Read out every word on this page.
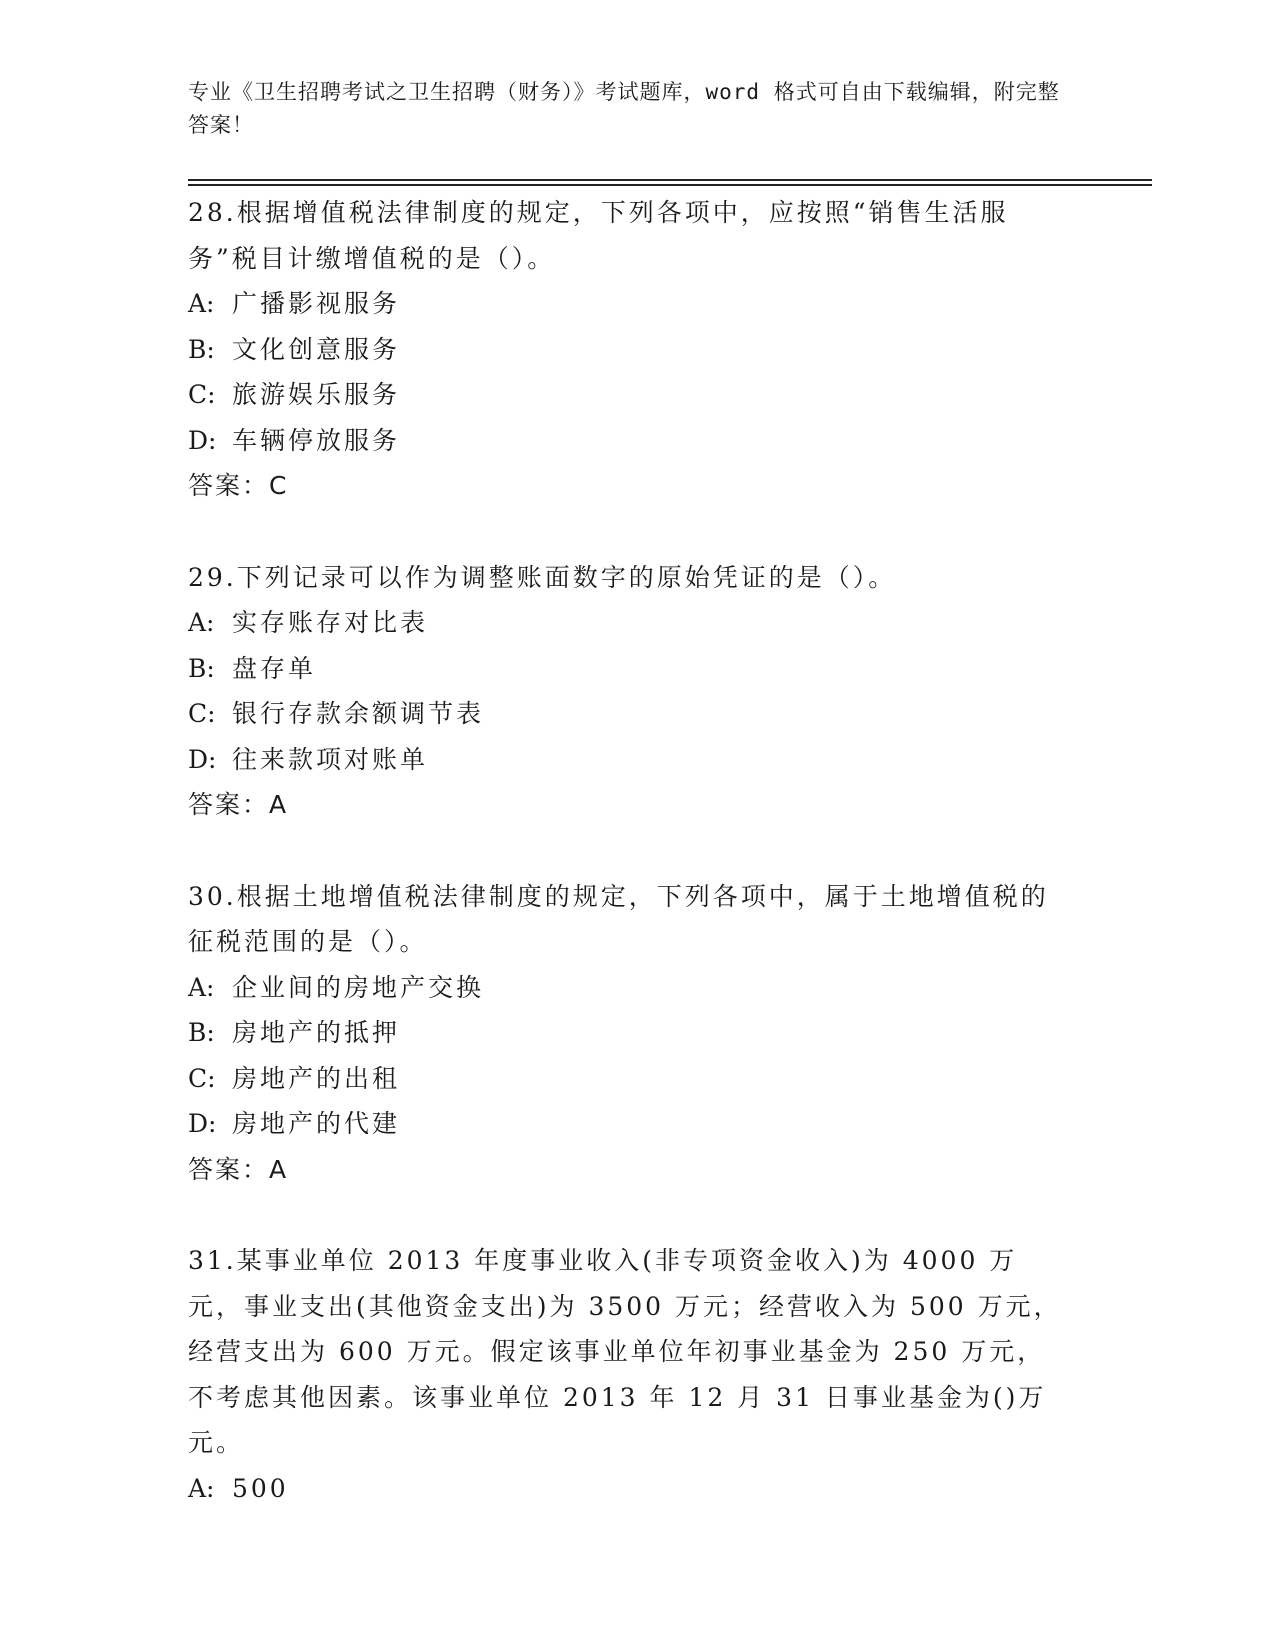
专业《卫生招聘考试之卫生招聘（财务）》考试题库，word 格式可自由下载编辑，附完整答案！

28.根据增值税法律制度的规定，下列各项中，应按照“销售生活服务”税目计缴增值税的是（）。

A: 广播影视服务

B: 文化创意服务

C: 旅游娱乐服务

D: 车辆停放服务

答案：C

29.下列记录可以作为调整账面数字的原始凭证的是（）。

A: 实存账存对比表

B: 盘存单

C: 银行存款余额调节表

D: 往来款项对账单

答案：A

30.根据土地增值税法律制度的规定，下列各项中，属于土地增值税的征税范围的是（）。

A: 企业间的房地产交换

B: 房地产的抵押

C: 房地产的出租

D: 房地产的代建

答案：A

31.某事业单位 2013 年度事业收入(非专项资金收入)为 4000 万元，事业支出(其他资金支出)为 3500 万元；经营收入为 500 万元，经营支出为 600 万元。假定该事业单位年初事业基金为 250 万元，不考虑其他因素。该事业单位 2013 年 12 月 31 日事业基金为()万元。

A: 500
